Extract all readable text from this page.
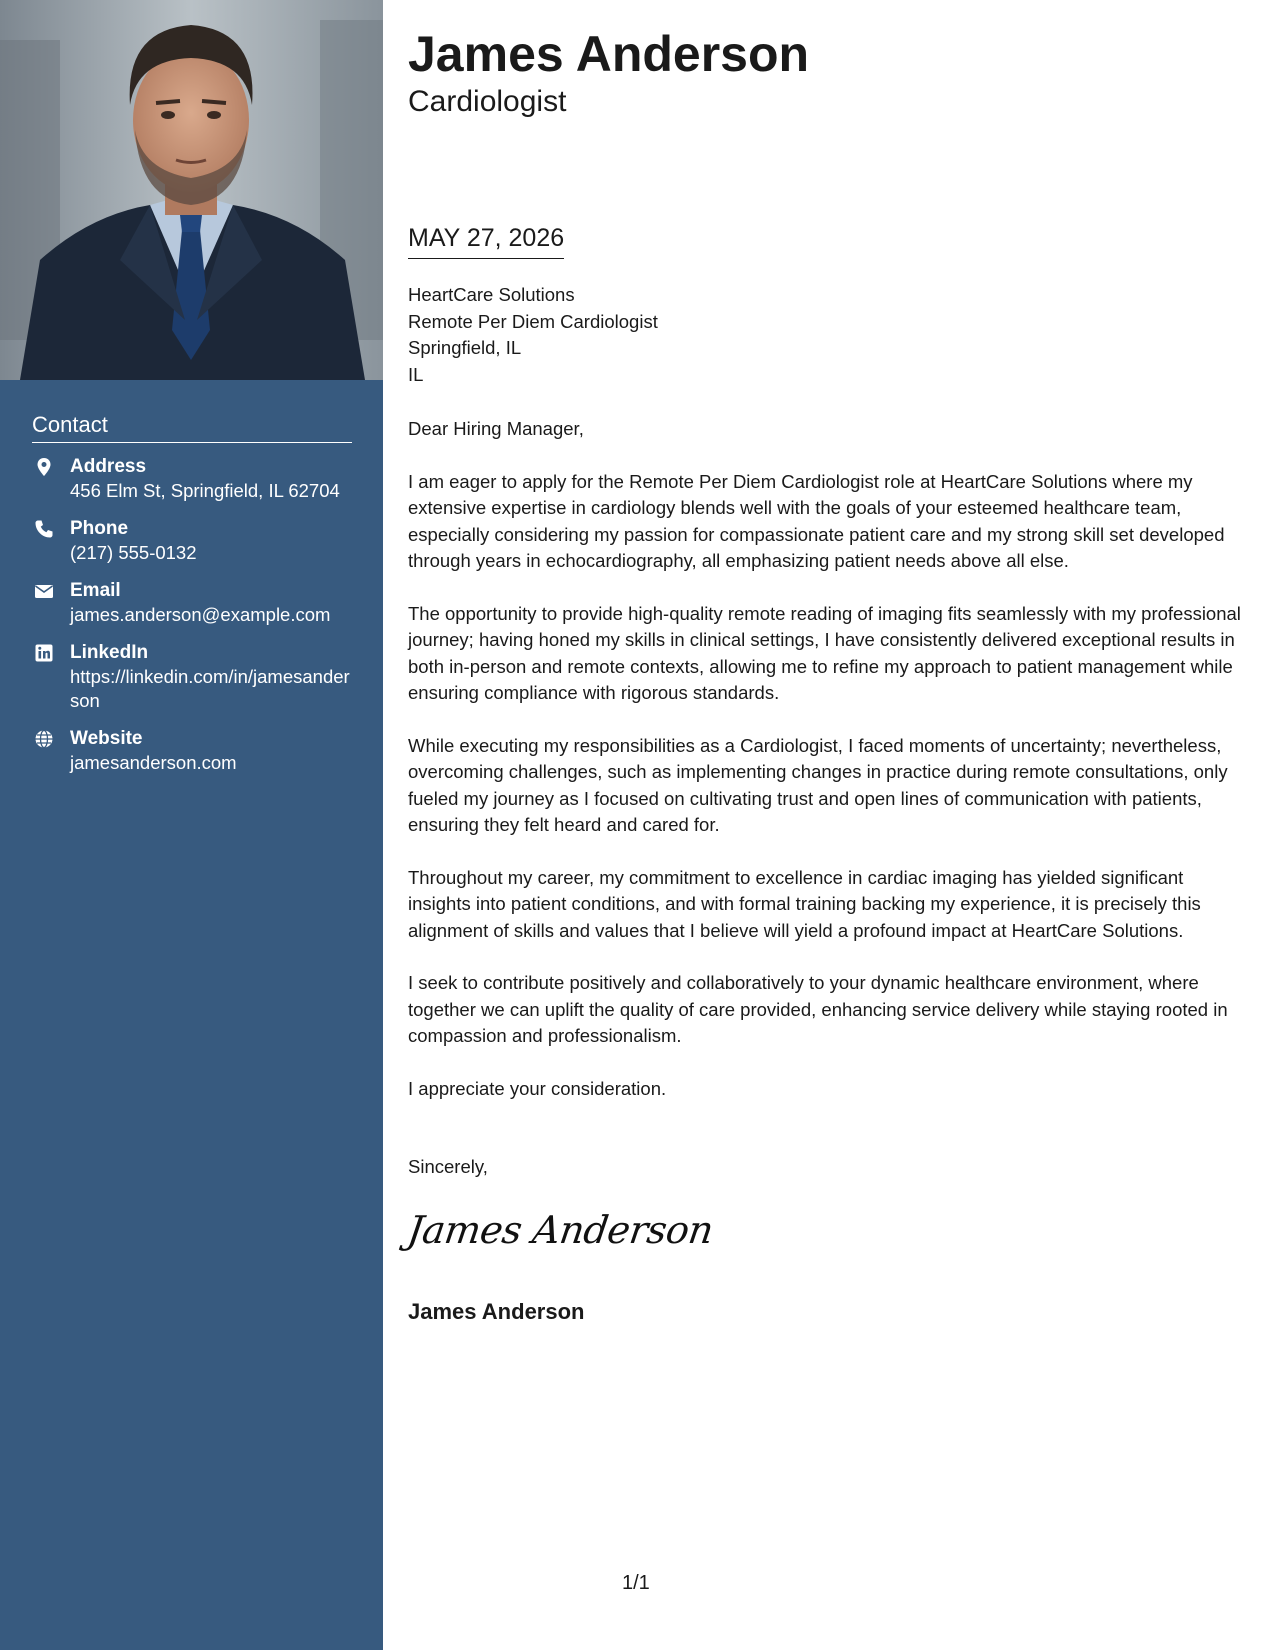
Contact
Address
456 Elm St, Springfield, IL 62704
Phone
(217) 555-0132
Email
james.anderson@example.com
LinkedIn
https://linkedin.com/in/jamesanderson
Website
jamesanderson.com
James Anderson
Cardiologist
MAY 27, 2026
HeartCare Solutions
Remote Per Diem Cardiologist
Springfield, IL
IL

Dear Hiring Manager,

I am eager to apply for the Remote Per Diem Cardiologist role at HeartCare Solutions where my extensive expertise in cardiology blends well with the goals of your esteemed healthcare team, especially considering my passion for compassionate patient care and my strong skill set developed through years in echocardiography, all emphasizing patient needs above all else.

The opportunity to provide high-quality remote reading of imaging fits seamlessly with my professional journey; having honed my skills in clinical settings, I have consistently delivered exceptional results in both in-person and remote contexts, allowing me to refine my approach to patient management while ensuring compliance with rigorous standards.

While executing my responsibilities as a Cardiologist, I faced moments of uncertainty; nevertheless, overcoming challenges, such as implementing changes in practice during remote consultations, only fueled my journey as I focused on cultivating trust and open lines of communication with patients, ensuring they felt heard and cared for.

Throughout my career, my commitment to excellence in cardiac imaging has yielded significant insights into patient conditions, and with formal training backing my experience, it is precisely this alignment of skills and values that I believe will yield a profound impact at HeartCare Solutions.

I seek to contribute positively and collaboratively to your dynamic healthcare environment, where together we can uplift the quality of care provided, enhancing service delivery while staying rooted in compassion and professionalism.

I appreciate your consideration.

Sincerely,
James Anderson
James Anderson
1/1
